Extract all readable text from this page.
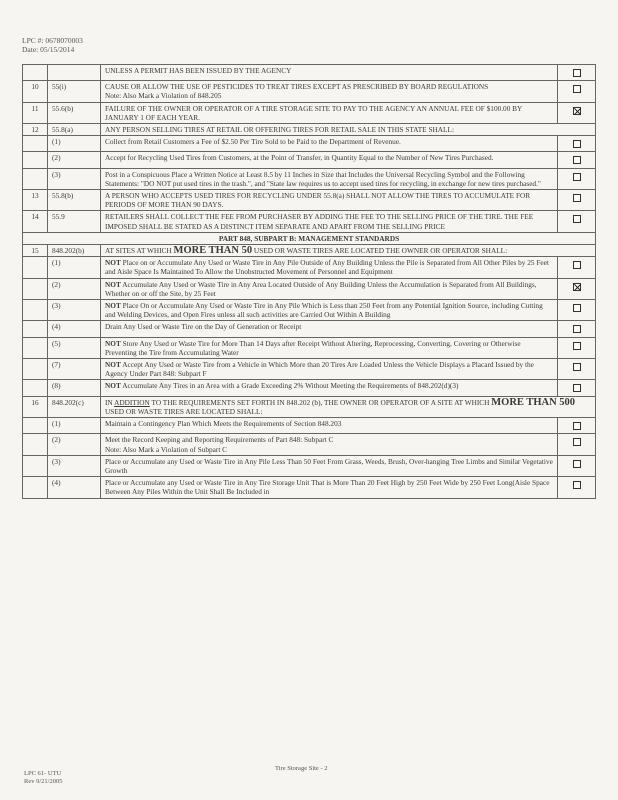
LPC #: 0678070003
Date: 05/15/2014
		UNLESS A PERMIT HAS BEEN ISSUED BY THE AGENCY	
10	55(i)	CAUSE OR ALLOW THE USE OF PESTICIDES TO TREAT TIRES EXCEPT AS PRESCRIBED BY BOARD REGULATIONS
Note: Also Mark a Violation of 848.205	
11	55.6(b)	FAILURE OF THE OWNER OR OPERATOR OF A TIRE STORAGE SITE TO PAY TO THE AGENCY AN ANNUAL FEE OF $100.00 BY JANUARY 1 OF EACH YEAR.	
12	55.8(a)	ANY PERSON SELLING TIRES AT RETAIL OR OFFERING TIRES FOR RETAIL SALE IN THIS STATE SHALL:	
	(1)	Collect from Retail Customers a Fee of $2.50 Per Tire Sold to be Paid to the Department of Revenue.	
	(2)	Accept for Recycling Used Tires from Customers, at the Point of Transfer, in Quantity Equal to the Number of New Tires Purchased.	
	(3)	Post in a Conspicuous Place a Written Notice at Least 8.5 by 11 Inches in Size that Includes the Universal Recycling Symbol and the Following Statements: "DO NOT put used tires in the trash.", and "State law requires us to accept used tires for recycling, in exchange for new tires purchased."	
13	55.8(b)	A PERSON WHO ACCEPTS USED TIRES FOR RECYCLING UNDER 55.8(a) SHALL NOT ALLOW THE TIRES TO ACCUMULATE FOR PERIODS OF MORE THAN 90 DAYS.	
14	55.9	RETAILERS SHALL COLLECT THE FEE FROM PURCHASER BY ADDING THE FEE TO THE SELLING PRICE OF THE TIRE. THE FEE IMPOSED SHALL BE STATED AS A DISTINCT ITEM SEPARATE AND APART FROM THE SELLING PRICE	
PART 848, SUBPART B: MANAGEMENT STANDARDS			
15	848.202(b)	AT SITES AT WHICH MORE THAN 50 USED OR WASTE TIRES ARE LOCATED THE OWNER OR OPERATOR SHALL:	
	(1)	NOT Place on or Accumulate Any Used or Waste Tire in Any Pile Outside of Any Building Unless the Pile is Separated from All Other Piles by 25 Feet and Aisle Space Is Maintained To Allow the Unobstructed Movement of Personnel and Equipment	
	(2)	NOT Accumulate Any Used or Waste Tire in Any Area Located Outside of Any Building Unless the Accumulation is Separated from All Buildings, Whether on or off the Site, by 25 Feet	
	(3)	NOT Place On or Accumulate Any Used or Waste Tire in Any Pile Which is Less than 250 Feet from any Potential Ignition Source, including Cutting and Welding Devices, and Open Fires unless all such activities are Carried Out Within A Building	
	(4)	Drain Any Used or Waste Tire on the Day of Generation or Receipt	
	(5)	NOT Store Any Used or Waste Tire for More Than 14 Days after Receipt Without Altering, Reprocessing, Converting, Covering or Otherwise Preventing the Tire from Accumulating Water	
	(7)	NOT Accept Any Used or Waste Tire from a Vehicle in Which More than 20 Tires Are Loaded Unless the Vehicle Displays a Placard Issued by the Agency Under Part 848: Subpart F	
	(8)	NOT Accumulate Any Tires in an Area with a Grade Exceeding 2% Without Meeting the Requirements of 848.202(d)(3)	
16	848.202(c)	IN ADDITION TO THE REQUIREMENTS SET FORTH IN 848.202 (b), THE OWNER OR OPERATOR OF A SITE AT WHICH MORE THAN 500 USED OR WASTE TIRES ARE LOCATED SHALL:	
	(1)	Maintain a Contingency Plan Which Meets the Requirements of Section 848.203	
	(2)	Meet the Record Keeping and Reporting Requirements of Part 848: Subpart C
Note: Also Mark a Violation of Subpart C	
	(3)	Place or Accumulate any Used or Waste Tire in Any Pile Less Than 50 Feet From Grass, Weeds, Brush, Over-hanging Tree Limbs and Similar Vegetative Growth	
	(4)	Place or Accumulate any Used or Waste Tire in Any Tire Storage Unit That is More Than 20 Feet High by 250 Feet Wide by 250 Feet Long(Aisle Space Between Any Piles Within the Unit Shall Be Included in	
LPC 61- UTU
Rev 9/21/2005
Tire Storage Site - 2
